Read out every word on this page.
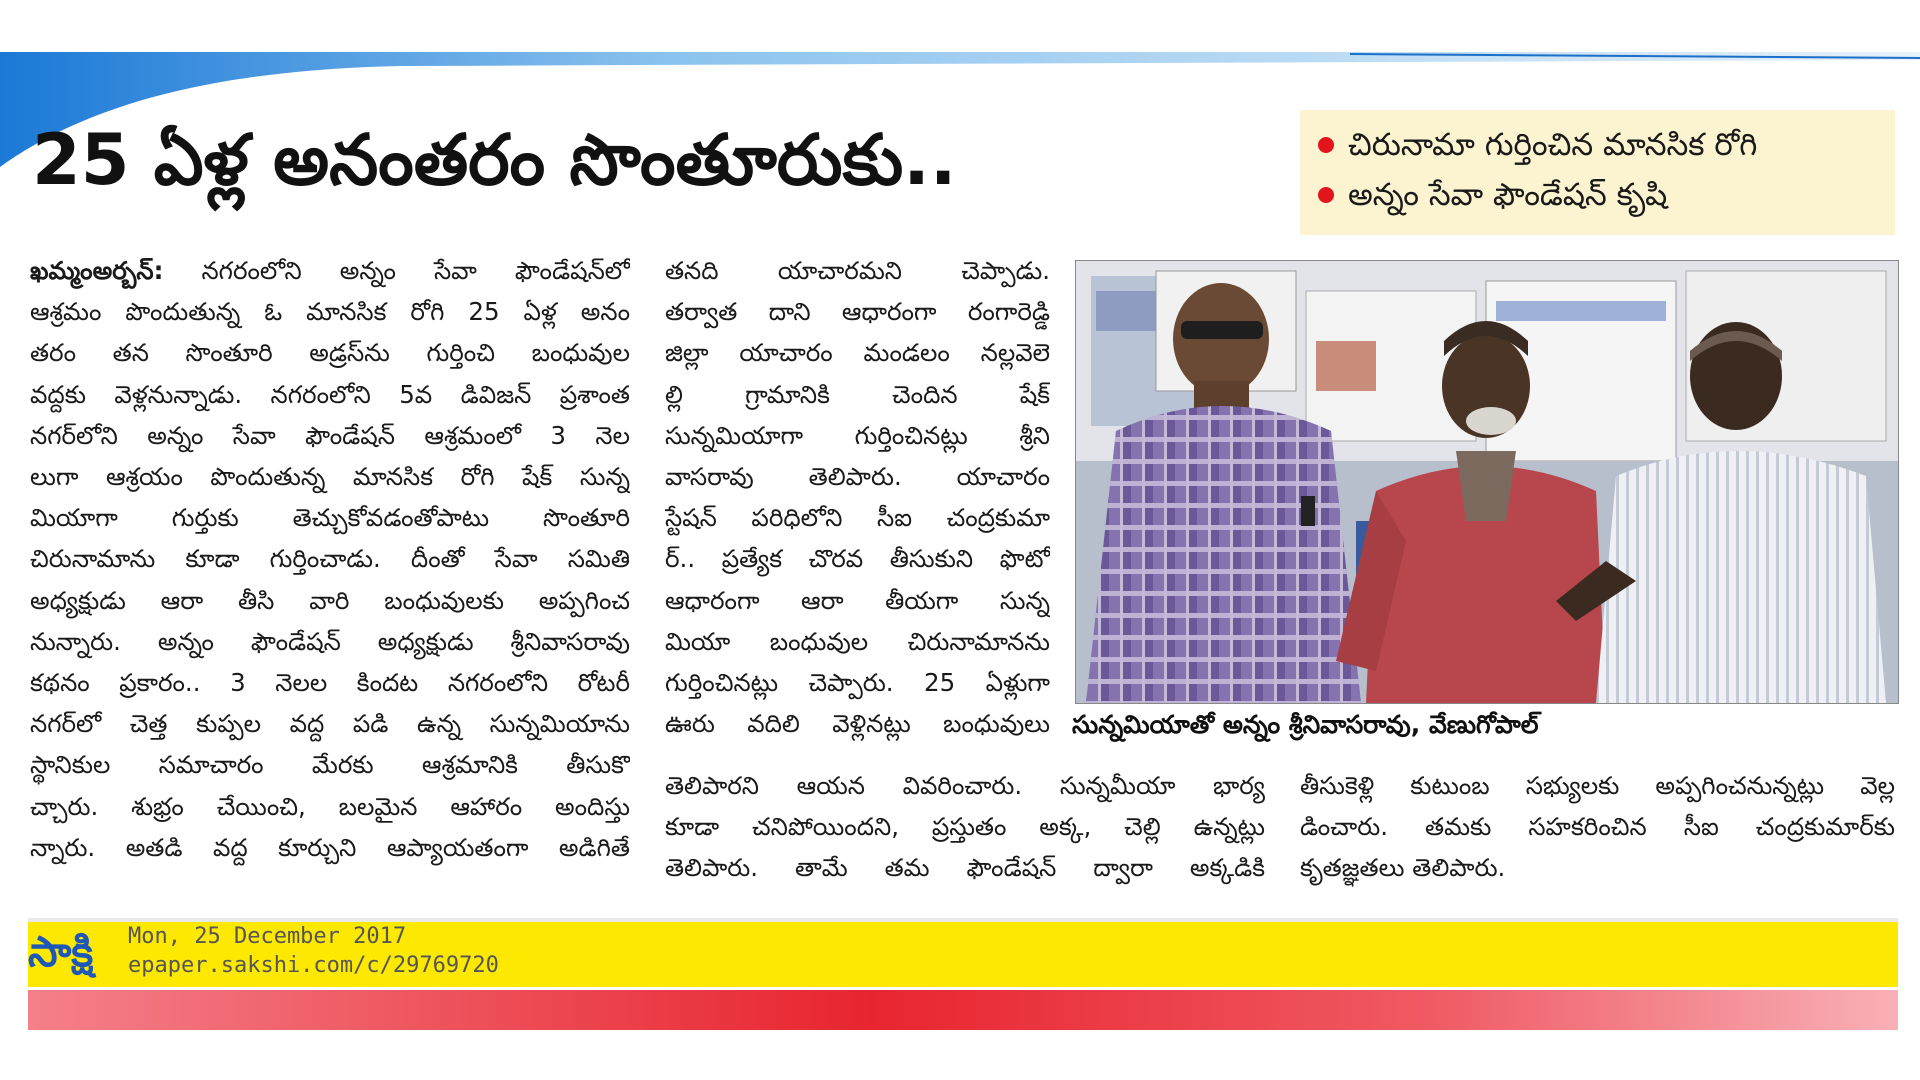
25 ఏళ్ల అనంతరం సొంతూరుకు..	చిరునామా గుర్తించిన మానసిక రోగి
అన్నం సేవా ఫౌండేషన్ కృషి
ఖమ్మంఅర్బన్: నగరంలోని అన్నం సేవా ఫౌండేషన్‌లో
ఆశ్రమం పొందుతున్న ఓ మానసిక రోగి 25 ఏళ్ల అనం
తరం తన సొంతూరి అడ్రస్‌ను గుర్తించి బంధువుల
వద్దకు వెళ్లనున్నాడు. నగరంలోని 5వ డివిజన్ ప్రశాంత
నగర్‌లోని అన్నం సేవా ఫౌండేషన్ ఆశ్రమంలో 3 నెల
లుగా ఆశ్రయం పొందుతున్న మానసిక రోగి షేక్ సున్న
మియాగా గుర్తుకు తెచ్చుకోవడంతోపాటు సొంతూరి
చిరునామాను కూడా గుర్తించాడు. దీంతో సేవా సమితి
అధ్యక్షుడు ఆరా తీసి వారి బంధువులకు అప్పగించ
నున్నారు. అన్నం ఫౌండేషన్ అధ్యక్షుడు శ్రీనివాసరావు
కథనం ప్రకారం.. 3 నెలల కిందట నగరంలోని రోటరీ
నగర్‌లో చెత్త కుప్పల వద్ద పడి ఉన్న సున్నమియాను
స్థానికుల సమాచారం మేరకు ఆశ్రమానికి తీసుకొ
చ్చారు. శుభ్రం చేయించి, బలమైన ఆహారం అందిస్తు
న్నారు. అతడి వద్ద కూర్చుని ఆప్యాయతంగా అడిగితే
తనది యాచారమని చెప్పాడు.
తర్వాత దాని ఆధారంగా రంగారెడ్డి
జిల్లా యాచారం మండలం నల్లవెలె
ల్లి గ్రామానికి చెందిన షేక్
సున్నమియాగా గుర్తించినట్లు శ్రీని
వాసరావు తెలిపారు. యాచారం
స్టేషన్ పరిధిలోని సీఐ చంద్రకుమా
ర్.. ప్రత్యేక చొరవ తీసుకుని ఫొటో
ఆధారంగా ఆరా తీయగా సున్న
మియా బంధువుల చిరునామానను
గుర్తించినట్లు చెప్పారు. 25 ఏళ్లుగా
ఊరు వదిలి వెళ్లినట్లు బంధువులు
తెలిపారని ఆయన వివరించారు. సున్నమీయా భార్య
కూడా చనిపోయిందని, ప్రస్తుతం అక్క, చెల్లి ఉన్నట్లు
తెలిపారు. తామే తమ ఫౌండేషన్ ద్వారా అక్కడికి
తీసుకెళ్లి కుటుంబ సభ్యులకు అప్పగించనున్నట్లు వెల్ల
డించారు. తమకు సహకరించిన సీఐ చంద్రకుమార్‌కు
కృతజ్ఞతలు తెలిపారు.
సున్నమియాతో అన్నం శ్రీనివాసరావు, వేణుగోపాల్
సాక్షి	Mon, 25 December 2017
epaper.sakshi.com/c/29769720
